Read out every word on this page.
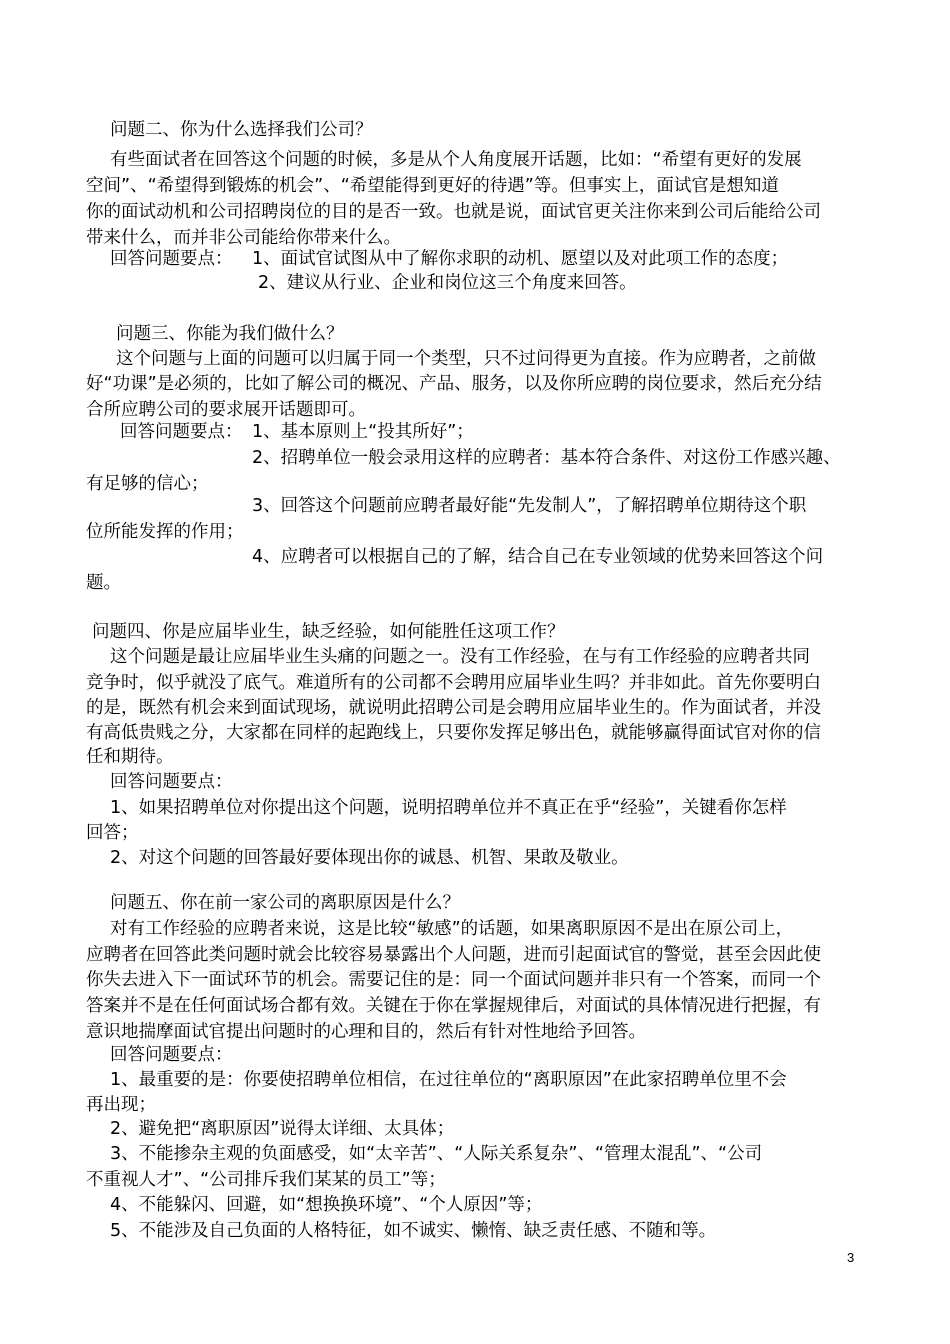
问题二、你为什么选择我们公司？

有些面试者在回答这个问题的时候，多是从个人角度展开话题，比如：“希望有更好的发展

空间”、“希望得到锻炼的机会”、“希望能得到更好的待遇”等。但事实上，面试官是想知道

你的面试动机和公司招聘岗位的目的是否一致。也就是说，面试官更关注你来到公司后能给公司

带来什么，而并非公司能给你带来什么。

回答问题要点： 1、面试官试图从中了解你求职的动机、愿望以及对此项工作的态度；

2、建议从行业、企业和岗位这三个角度来回答。

问题三、你能为我们做什么？

这个问题与上面的问题可以归属于同一个类型，只不过问得更为直接。作为应聘者，之前做

好“功课”是必须的，比如了解公司的概况、产品、服务，以及你所应聘的岗位要求，然后充分结

合所应聘公司的要求展开话题即可。

回答问题要点： 1、基本原则上“投其所好”；

2、招聘单位一般会录用这样的应聘者：基本符合条件、对这份工作感兴趣、

有足够的信心；

3、回答这个问题前应聘者最好能“先发制人”，了解招聘单位期待这个职

位所能发挥的作用；

4、应聘者可以根据自己的了解，结合自己在专业领域的优势来回答这个问

题。

问题四、你是应届毕业生，缺乏经验，如何能胜任这项工作？

这个问题是最让应届毕业生头痛的问题之一。没有工作经验，在与有工作经验的应聘者共同

竞争时，似乎就没了底气。难道所有的公司都不会聘用应届毕业生吗？并非如此。首先你要明白

的是，既然有机会来到面试现场，就说明此招聘公司是会聘用应届毕业生的。作为面试者，并没

有高低贵贱之分，大家都在同样的起跑线上，只要你发挥足够出色，就能够赢得面试官对你的信

任和期待。

回答问题要点：

1、如果招聘单位对你提出这个问题，说明招聘单位并不真正在乎“经验”，关键看你怎样

回答；

2、对这个问题的回答最好要体现出你的诚恳、机智、果敢及敬业。

问题五、你在前一家公司的离职原因是什么？

对有工作经验的应聘者来说，这是比较“敏感”的话题，如果离职原因不是出在原公司上，

应聘者在回答此类问题时就会比较容易暴露出个人问题，进而引起面试官的警觉，甚至会因此使

你失去进入下一面试环节的机会。需要记住的是：同一个面试问题并非只有一个答案，而同一个

答案并不是在任何面试场合都有效。关键在于你在掌握规律后，对面试的具体情况进行把握，有

意识地揣摩面试官提出问题时的心理和目的，然后有针对性地给予回答。

回答问题要点：

1、最重要的是：你要使招聘单位相信，在过往单位的“离职原因”在此家招聘单位里不会

再出现；

2、避免把“离职原因”说得太详细、太具体；

3、不能掺杂主观的负面感受，如“太辛苦”、“人际关系复杂”、“管理太混乱”、“公司

不重视人才”、“公司排斥我们某某的员工”等；

4、不能躲闪、回避，如“想换换环境”、“个人原因”等；

5、不能涉及自己负面的人格特征，如不诚实、懒惰、缺乏责任感、不随和等。

3
